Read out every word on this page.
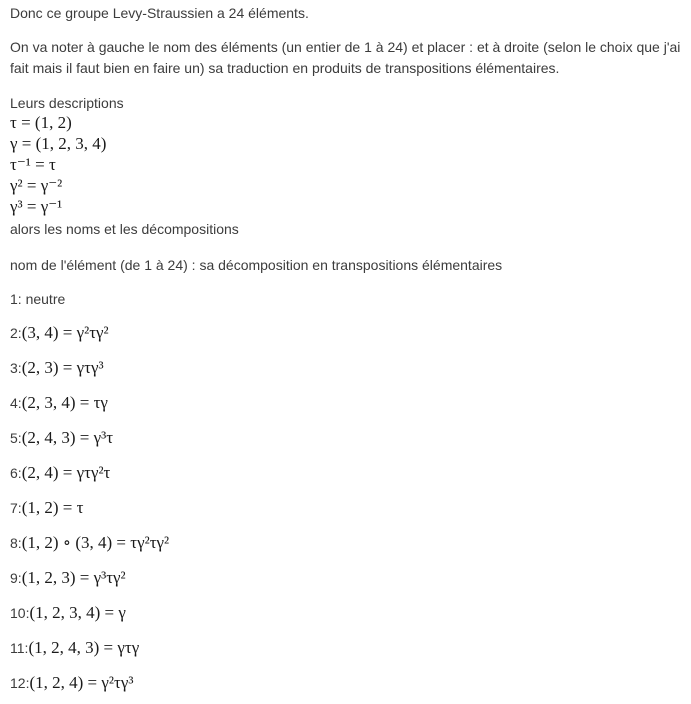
Donc ce groupe Levy-Straussien a 24 éléments.
On va noter à gauche le nom des éléments (un entier de 1 à 24) et placer : et à droite (selon le choix que j'ai fait mais il faut bien en faire un) sa traduction en produits de transpositions élémentaires.
Leurs descriptions
τ = (1, 2)
γ = (1, 2, 3, 4)
τ⁻¹ = τ
γ² = γ⁻²
γ³ = γ⁻¹
alors les noms et les décompositions
nom de l'élément (de 1 à 24) : sa décomposition en transpositions élémentaires
1: neutre
2:(3, 4) = γ²τγ²
3:(2, 3) = γτγ³
4:(2, 3, 4) = τγ
5:(2, 4, 3) = γ³τ
6:(2, 4) = γτγ²τ
7:(1, 2) = τ
8:(1, 2) ∘ (3, 4) = τγ²τγ²
9:(1, 2, 3) = γ³τγ²
10:(1, 2, 3, 4) = γ
11:(1, 2, 4, 3) = γτγ
12:(1, 2, 4) = γ²τγ³
